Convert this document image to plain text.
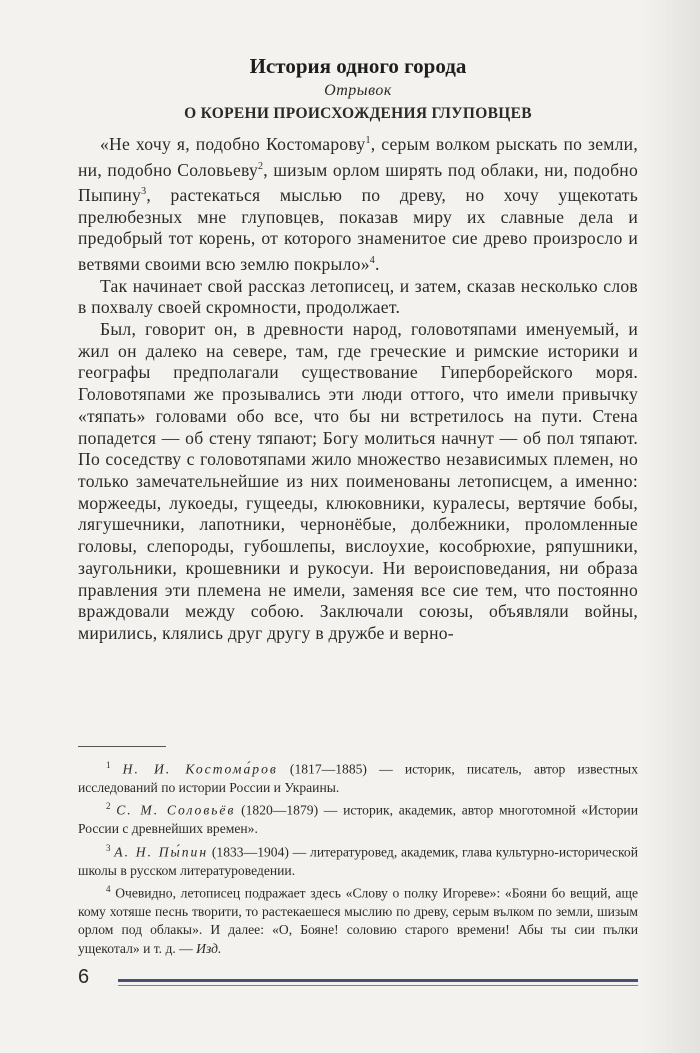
История одного города
Отрывок
О КОРЕНИ ПРОИСХОЖДЕНИЯ ГЛУПОВЦЕВ

«Не хочу я, подобно Костомарову$^1$, серым волком рыскать по земли, ни, подобно Соловьеву$^2$, шизым орлом ширять под облаки, ни, подобно Пыпину$^3$, растекаться мыслью по древу, но хочу ущекотать прелюбезных мне глуповцев, показав миру их славные дела и предобрый тот корень, от которого знаменитое сие древо произросло и ветвями своими всю землю покрыло»$^4$.

Так начинает свой рассказ летописец, и затем, сказав несколько слов в похвалу своей скромности, продолжает.

Был, говорит он, в древности народ, головотяпами именуемый, и жил он далеко на севере, там, где греческие и римские историки и географы предполагали существование Гиперборейского моря. Головотяпами же прозывались эти люди оттого, что имели привычку «тяпать» головами обо все, что бы ни встретилось на пути. Стена попадется — об стену тяпают; Богу молиться начнут — об пол тяпают. По соседству с головотяпами жило множество независимых племен, но только замечательнейшие из них поименованы летописцем, а именно: моржееды, лукоеды, гущееды, клюковники, куралесы, вертячие бобы, лягушечники, лапотники, чернонёбые, долбежники, проломленные головы, слепороды, губошлепы, вислоухие, кособрюхие, ряпушники, заугольники, крошевники и рукосуи. Ни вероисповедания, ни образа правления эти племена не имели, заменяя все сие тем, что постоянно враждовали между собою. Заключали союзы, объявляли войны, мирились, клялись друг другу в дружбе и верно-

$^1$ Н. И. Костома́ров (1817—1885) — историк, писатель, автор известных исследований по истории России и Украины.

$^2$ С. М. Соловьёв (1820—1879) — историк, академик, автор многотомной «Истории России с древнейших времен».

$^3$ А. Н. Пы́пин (1833—1904) — литературовед, академик, глава культурно-исторической школы в русском литературоведении.

$^4$ Очевидно, летописец подражает здесь «Слову о полку Игореве»: «Бояни бо вещий, аще кому хотяше песнь творити, то растекаешеся мыслию по древу, серым вълком по земли, шизым орлом под облакы». И далее: «О, Бояне! соловию старого времени! Абы ты сии пълки ущекотал» и т. д. — Изд.

6
